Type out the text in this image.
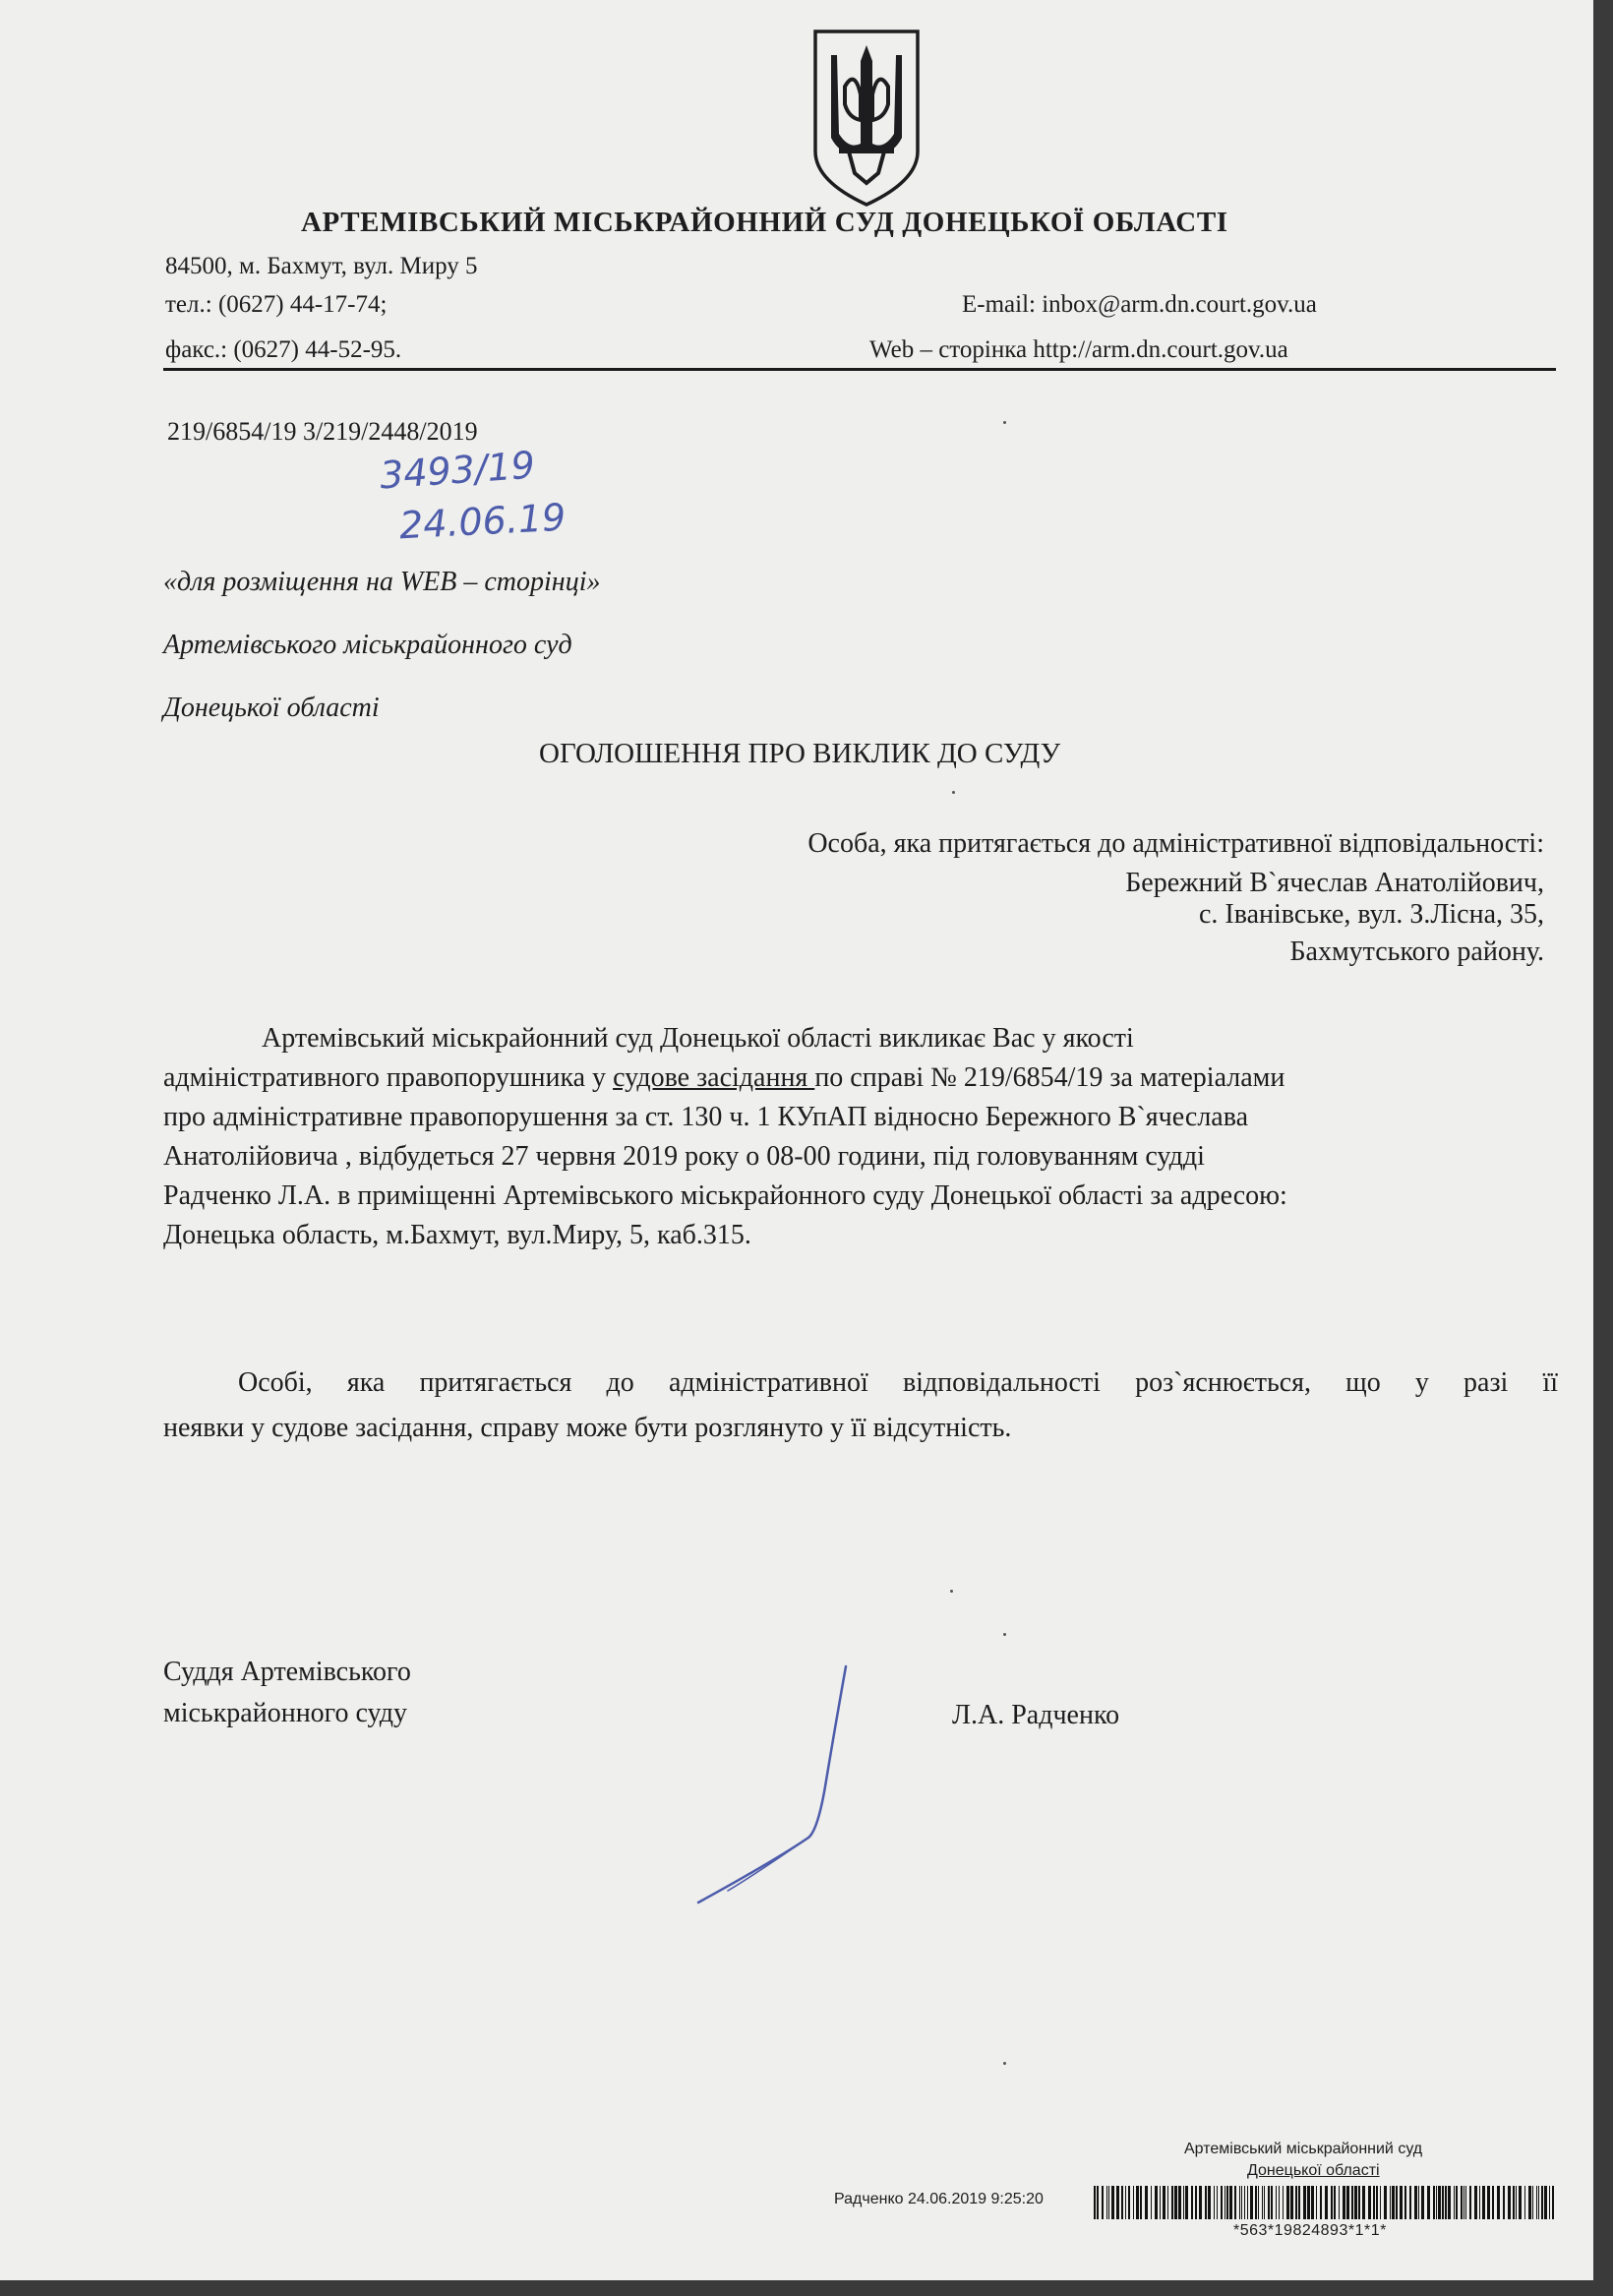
АРТЕМІВСЬКИЙ МІСЬКРАЙОННИЙ СУД ДОНЕЦЬКОЇ ОБЛАСТІ
84500, м. Бахмут, вул. Миру 5
тел.: (0627) 44-17-74;	E-mail: inbox@arm.dn.court.gov.ua
факс.: (0627) 44-52-95.	Web – сторінка http://arm.dn.court.gov.ua
219/6854/19 3/219/2448/2019
3493/19
24.06.19
«для розміщення на WEB – сторінці»
Артемівського міськрайонного суд
Донецької області
ОГОЛОШЕННЯ ПРО ВИКЛИК ДО СУДУ
Особа, яка притягається до адміністративної відповідальності:
Бережний В`ячеслав Анатолійович,
с. Іванівське, вул. З.Лісна, 35,
Бахмутського району.
Артемівський міськрайонний суд Донецької області викликає Вас у якості
адміністративного правопорушника у судове засідання по справі № 219/6854/19 за матеріалами
про адміністративне правопорушення за ст. 130 ч. 1 КУпАП відносно Бережного В`ячеслава
Анатолійовича , відбудеться 27 червня 2019 року о 08-00 години, під головуванням судді
Радченко Л.А. в приміщенні Артемівського міськрайонного суду Донецької області за адресою:
Донецька область, м.Бахмут, вул.Миру, 5, каб.315.
Особі, яка притягається до адміністративної відповідальності роз`яснюється, що у разі її
неявки у судове засідання, справу може бути розглянуто у її відсутність.
Суддя Артемівського
міськрайонного суду	Л.А. Радченко
Артемівський міськрайонний суд
Донецької області
Радченко 24.06.2019 9:25:20
*563*19824893*1*1*
